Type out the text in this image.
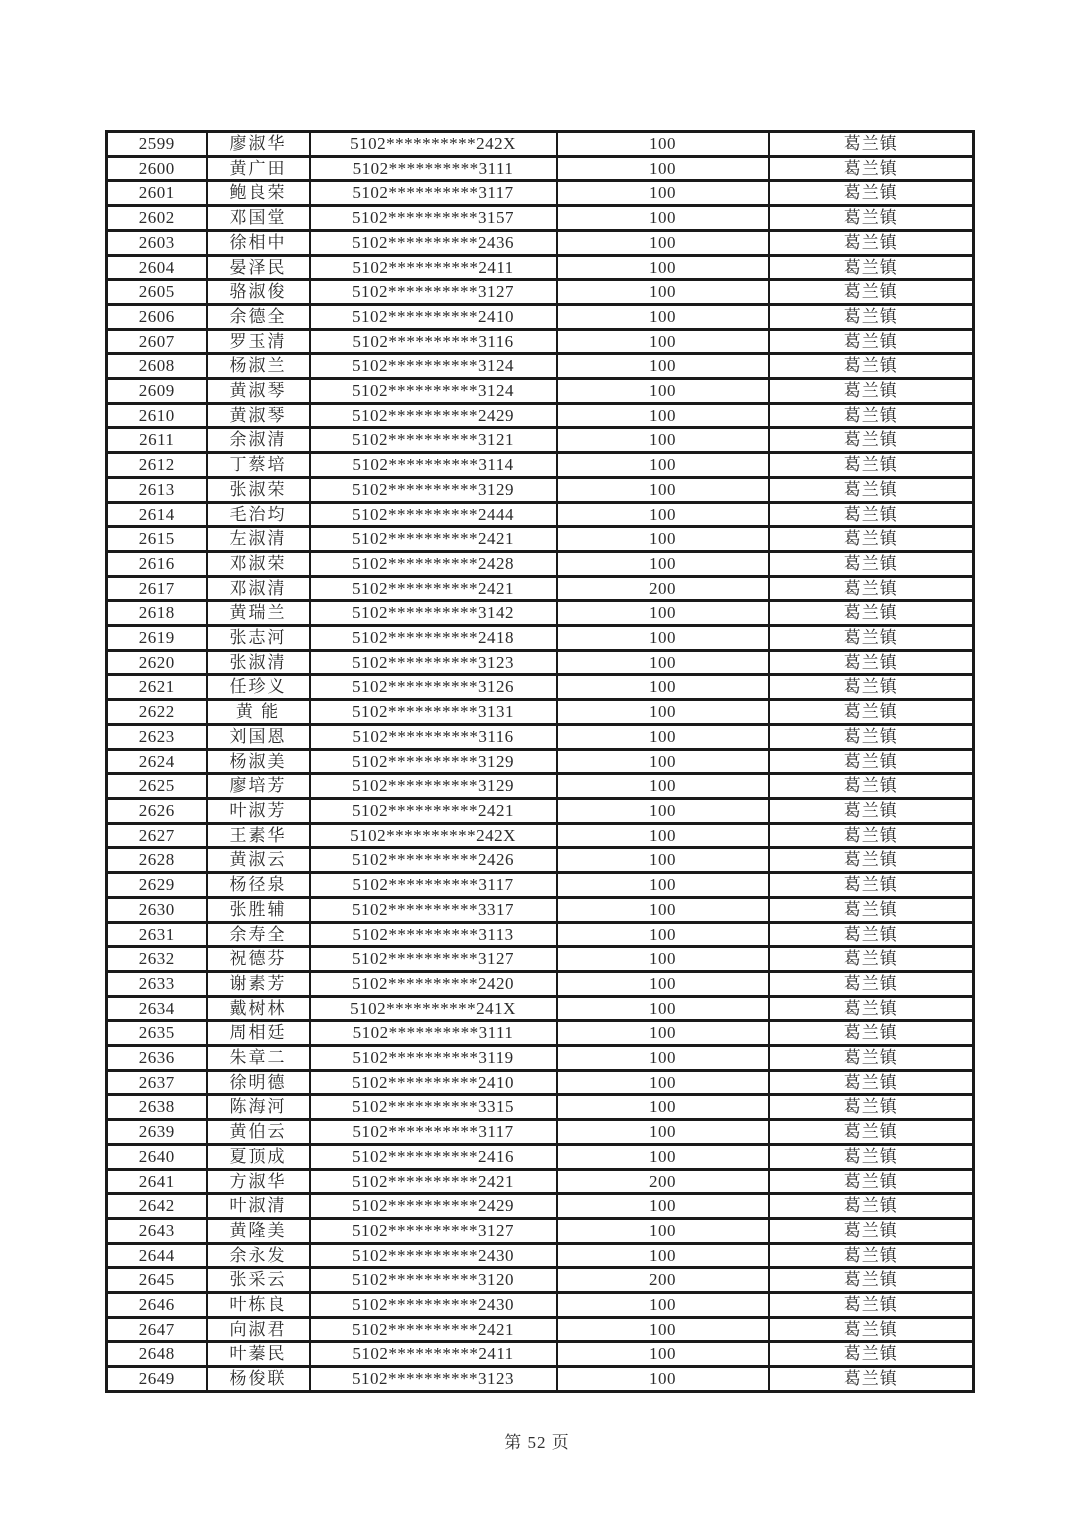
2599	廖淑华	5102**********242X	100	葛兰镇
2600	黄广田	5102**********3111	100	葛兰镇
2601	鲍良荣	5102**********3117	100	葛兰镇
2602	邓国堂	5102**********3157	100	葛兰镇
2603	徐相中	5102**********2436	100	葛兰镇
2604	晏泽民	5102**********2411	100	葛兰镇
2605	骆淑俊	5102**********3127	100	葛兰镇
2606	余德全	5102**********2410	100	葛兰镇
2607	罗玉清	5102**********3116	100	葛兰镇
2608	杨淑兰	5102**********3124	100	葛兰镇
2609	黄淑琴	5102**********3124	100	葛兰镇
2610	黄淑琴	5102**********2429	100	葛兰镇
2611	余淑清	5102**********3121	100	葛兰镇
2612	丁蔡培	5102**********3114	100	葛兰镇
2613	张淑荣	5102**********3129	100	葛兰镇
2614	毛治均	5102**********2444	100	葛兰镇
2615	左淑清	5102**********2421	100	葛兰镇
2616	邓淑荣	5102**********2428	100	葛兰镇
2617	邓淑清	5102**********2421	200	葛兰镇
2618	黄瑞兰	5102**********3142	100	葛兰镇
2619	张志河	5102**********2418	100	葛兰镇
2620	张淑清	5102**********3123	100	葛兰镇
2621	任珍义	5102**********3126	100	葛兰镇
2622	黄 能	5102**********3131	100	葛兰镇
2623	刘国恩	5102**********3116	100	葛兰镇
2624	杨淑美	5102**********3129	100	葛兰镇
2625	廖培芳	5102**********3129	100	葛兰镇
2626	叶淑芳	5102**********2421	100	葛兰镇
2627	王素华	5102**********242X	100	葛兰镇
2628	黄淑云	5102**********2426	100	葛兰镇
2629	杨径泉	5102**********3117	100	葛兰镇
2630	张胜辅	5102**********3317	100	葛兰镇
2631	余寿全	5102**********3113	100	葛兰镇
2632	祝德芬	5102**********3127	100	葛兰镇
2633	谢素芳	5102**********2420	100	葛兰镇
2634	戴树林	5102**********241X	100	葛兰镇
2635	周相廷	5102**********3111	100	葛兰镇
2636	朱章二	5102**********3119	100	葛兰镇
2637	徐明德	5102**********2410	100	葛兰镇
2638	陈海河	5102**********3315	100	葛兰镇
2639	黄伯云	5102**********3117	100	葛兰镇
2640	夏顶成	5102**********2416	100	葛兰镇
2641	方淑华	5102**********2421	200	葛兰镇
2642	叶淑清	5102**********2429	100	葛兰镇
2643	黄隆美	5102**********3127	100	葛兰镇
2644	余永发	5102**********2430	100	葛兰镇
2645	张采云	5102**********3120	200	葛兰镇
2646	叶栋良	5102**********2430	100	葛兰镇
2647	向淑君	5102**********2421	100	葛兰镇
2648	叶蓁民	5102**********2411	100	葛兰镇
2649	杨俊联	5102**********3123	100	葛兰镇
第 52 页
